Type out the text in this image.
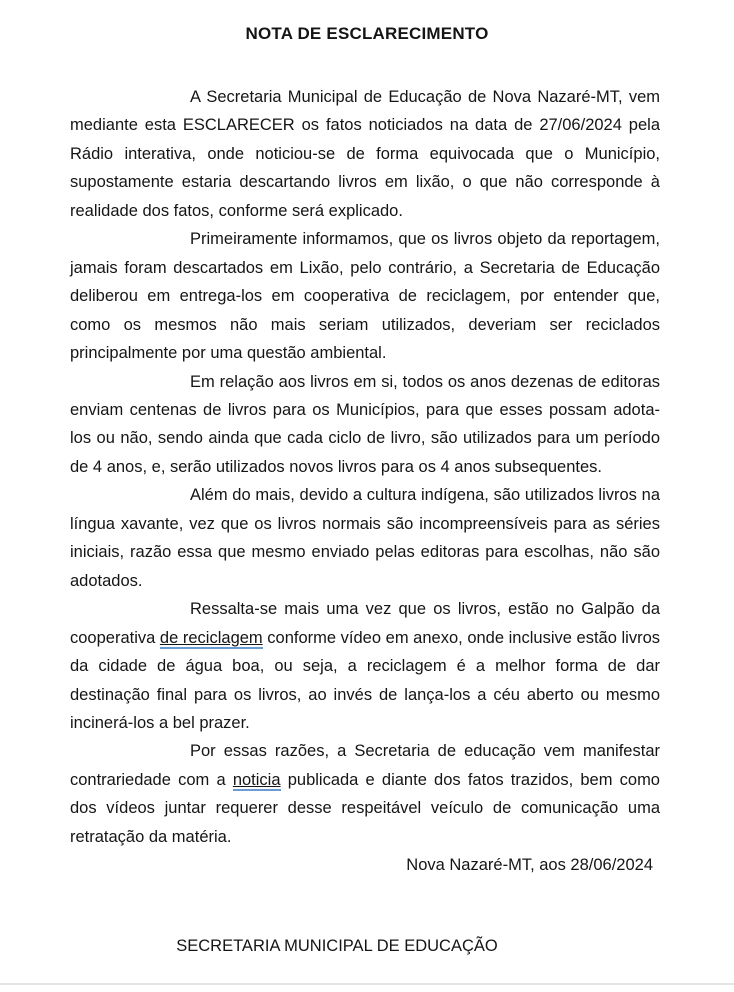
NOTA DE ESCLARECIMENTO

A Secretaria Municipal de Educação de Nova Nazaré-MT, vem mediante esta ESCLARECER os fatos noticiados na data de 27/06/2024 pela Rádio interativa, onde noticiou-se de forma equivocada que o Município, supostamente estaria descartando livros em lixão, o que não corresponde à realidade dos fatos, conforme será explicado.

Primeiramente informamos, que os livros objeto da reportagem, jamais foram descartados em Lixão, pelo contrário, a Secretaria de Educação deliberou em entrega-los em cooperativa de reciclagem, por entender que, como os mesmos não mais seriam utilizados, deveriam ser reciclados principalmente por uma questão ambiental.

Em relação aos livros em si, todos os anos dezenas de editoras enviam centenas de livros para os Municípios, para que esses possam adota-los ou não, sendo ainda que cada ciclo de livro, são utilizados para um período de 4 anos, e, serão utilizados novos livros para os 4 anos subsequentes.

Além do mais, devido a cultura indígena, são utilizados livros na língua xavante, vez que os livros normais são incompreensíveis para as séries iniciais, razão essa que mesmo enviado pelas editoras para escolhas, não são adotados.

Ressalta-se mais uma vez que os livros, estão no Galpão da cooperativa de reciclagem conforme vídeo em anexo, onde inclusive estão livros da cidade de água boa, ou seja, a reciclagem é a melhor forma de dar destinação final para os livros, ao invés de lança-los a céu aberto ou mesmo incinerá-los a bel prazer.

Por essas razões, a Secretaria de educação vem manifestar contrariedade com a noticia publicada e diante dos fatos trazidos, bem como dos vídeos juntar requerer desse respeitável veículo de comunicação uma retratação da matéria.

Nova Nazaré-MT, aos 28/06/2024

SECRETARIA MUNICIPAL DE EDUCAÇÃO
